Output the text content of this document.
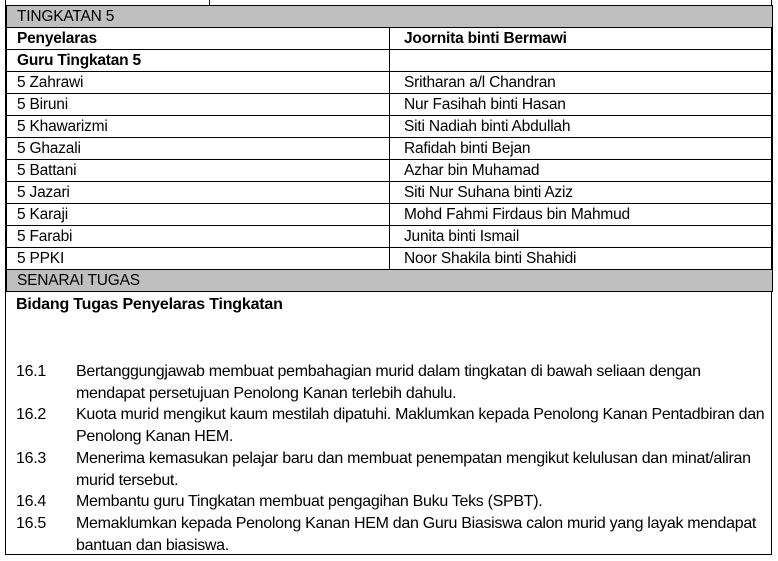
TINGKATAN 5	
Penyelaras	Joornita binti Bermawi
Guru Tingkatan 5	
5 Zahrawi	Sritharan a/l Chandran
5 Biruni	Nur Fasihah binti Hasan
5 Khawarizmi	Siti Nadiah binti Abdullah
5 Ghazali	Rafidah binti Bejan
5 Battani	Azhar bin Muhamad
5 Jazari	Siti Nur Suhana binti Aziz
5 Karaji	Mohd Fahmi Firdaus bin Mahmud
5 Farabi	Junita binti Ismail
5 PPKI	Noor Shakila binti Shahidi
SENARAI TUGAS	
Bidang Tugas Penyelaras Tingkatan
16.1	Bertanggungjawab membuat pembahagian murid dalam tingkatan di bawah seliaan dengan
mendapat persetujuan Penolong Kanan terlebih dahulu.
16.2	Kuota murid mengikut kaum mestilah dipatuhi. Maklumkan kepada Penolong Kanan Pentadbiran dan
Penolong Kanan HEM.
16.3	Menerima kemasukan pelajar baru dan membuat penempatan mengikut kelulusan dan minat/aliran
murid tersebut.
16.4	Membantu guru Tingkatan membuat pengagihan Buku Teks (SPBT).
16.5	Memaklumkan kepada Penolong Kanan HEM dan Guru Biasiswa calon murid yang layak mendapat
bantuan dan biasiswa.
